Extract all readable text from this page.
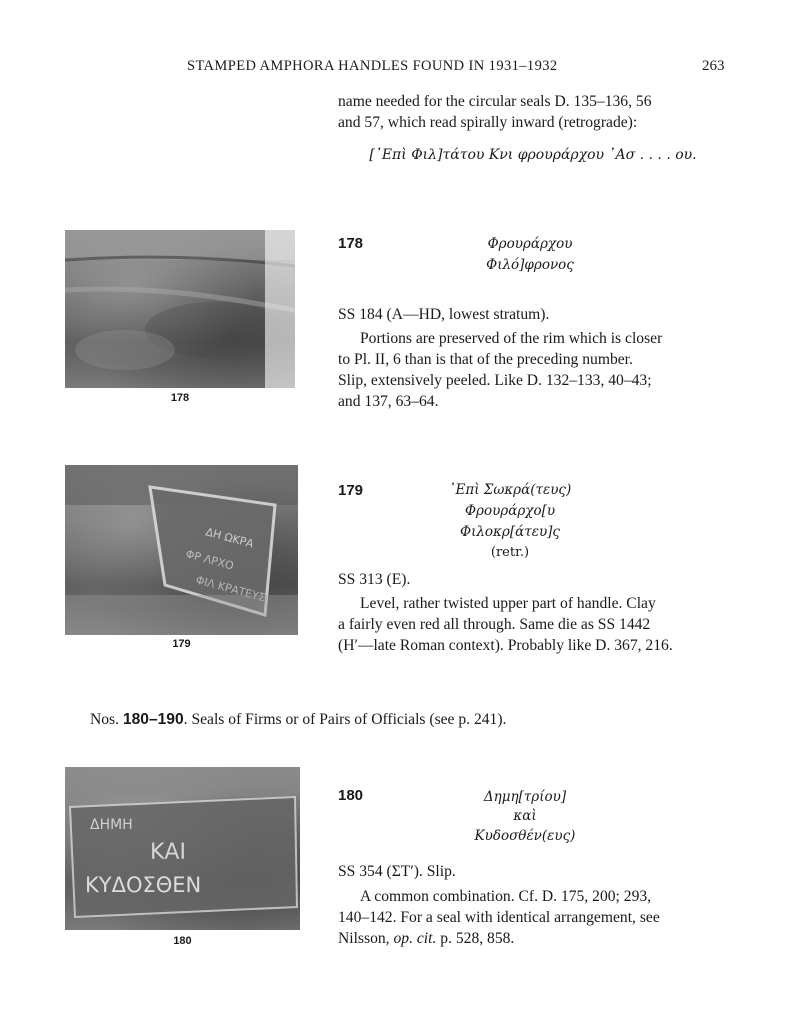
STAMPED AMPHORA HANDLES FOUND IN 1931–1932	263
name needed for the circular seals D. 135–136, 56
and 57, which read spirally inward (retrograde):
[᾿Επὶ Φιλ]τάτου Κνι φρουράρχου ᾿Ασ . . . . ου.
178
178	Φρουράρχου
Φιλό]φρονος
SS 184 (A—HD, lowest stratum).
Portions are preserved of the rim which is closer
to Pl. II, 6 than is that of the preceding number.
Slip, extensively peeled. Like D. 132–133, 40–43;
and 137, 63–64.
ΔΗ ΩΚΡΑ
ΦΡ ΛΡΧΟ
ΦΙΛ ΚΡΑΤΕΥΣ
179
179	᾿Επὶ Σωκρά(τευς)
Φρουράρχο[υ
Φιλοκρ[άτευ]ς
(retr.)
SS 313 (E).
Level, rather twisted upper part of handle. Clay
a fairly even red all through. Same die as SS 1442
(H′—late Roman context). Probably like D. 367, 216.
Nos. 180–190. Seals of Firms or of Pairs of Officials (see p. 241).
ΔΗΜΗ
ΚΑΙ
ΚΥΔΟΣΘΕΝ
180
180	Δημη[τρίου]
καὶ
Κυδοσθέν(ευς)
SS 354 (ΣΤ′). Slip.
A common combination. Cf. D. 175, 200; 293,
140–142. For a seal with identical arrangement, see
Nilsson, op. cit. p. 528, 858.
